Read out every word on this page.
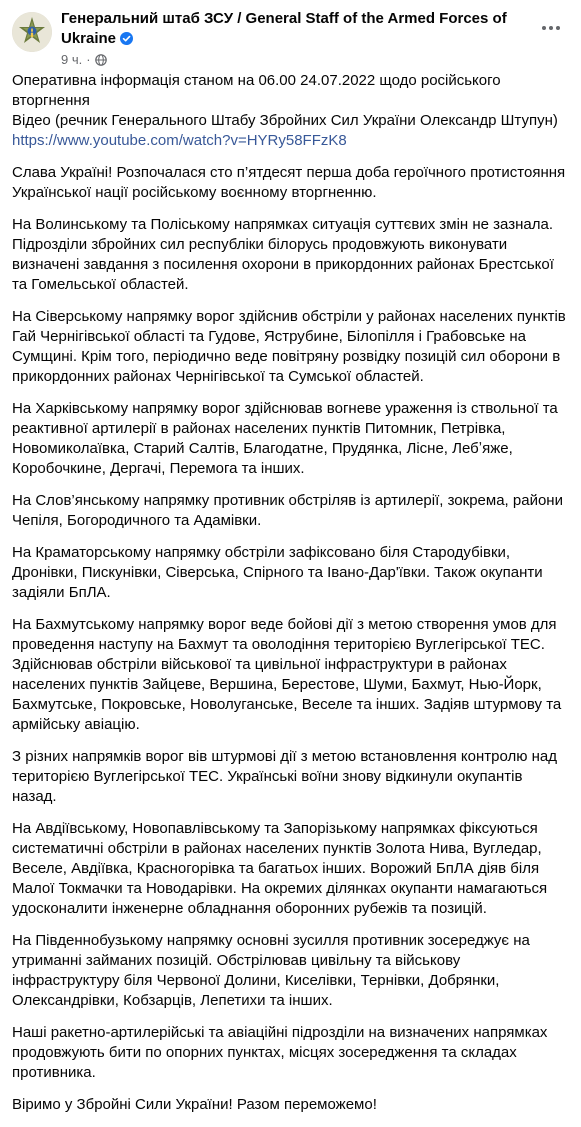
Генеральний штаб ЗСУ / General Staff of the Armed Forces of Ukraine
9 ч. ·

Оперативна інформація станом на 06.00 24.07.2022 щодо російського вторгнення
Відео (речник Генерального Штабу Збройних Сил України Олександр Штупун)
https://www.youtube.com/watch?v=HYRy58FFzK8

Слава Україні! Розпочалася сто п’ятдесят перша доба героїчного протистояння Української нації російському воєнному вторгненню.

На Волинському та Поліському напрямках ситуація суттєвих змін не зазнала. Підрозділи збройних сил республіки білорусь продовжують виконувати визначені завдання з посилення охорони в прикордонних районах Брестської та Гомельської областей.

На Сіверському напрямку ворог здійснив обстріли у районах населених пунктів Гай Чернігівської області та Гудове, Яструбине, Білопілля і Грабовське на Сумщині. Крім того, періодично веде повітряну розвідку позицій сил оборони в прикордонних районах Чернігівської та Сумської областей.

На Харківському напрямку ворог здійснював вогневе ураження із ствольної та реактивної артилерії в районах населених пунктів Питомник, Петрівка, Новомиколаївка, Старий Салтів, Благодатне, Прудянка, Лісне, Лебʼяже, Коробочкине, Дергачі, Перемога та інших.

На Слов’янському напрямку противник обстріляв із артилерії, зокрема, райони Чепіля, Богородичного та Адамівки.

На Краматорському напрямку обстріли зафіксовано біля Стародубівки, Дронівки, Пискунівки, Сіверська, Спірного та Івано-Дар'ївки. Також окупанти задіяли БпЛА.

На Бахмутському напрямку ворог веде бойові дії з метою створення умов для проведення наступу на Бахмут та оволодіння територією Вуглегірської ТЕС. Здійснював обстріли військової та цивільної інфраструктури в районах населених пунктів Зайцеве, Вершина, Берестове, Шуми, Бахмут, Нью-Йорк, Бахмутське, Покровське, Новолуганське, Веселе та інших. Задіяв штурмову та армійську авіацію.

З різних напрямків ворог вів штурмові дії з метою встановлення контролю над територією Вуглегірської ТЕС. Українські воїни знову відкинули окупантів назад.

На Авдіївському, Новопавлівському та Запорізькому напрямках фіксуються систематичні обстріли в районах населених пунктів Золота Нива, Вугледар, Веселе, Авдіївка, Красногорівка та багатьох інших. Ворожий БпЛА діяв біля Малої Токмачки та Новодарівки. На окремих ділянках окупанти намагаються удосконалити інженерне обладнання оборонних рубежів та позицій.

На Південнобузькому напрямку основні зусилля противник зосереджує на утриманні займаних позицій. Обстрілював цивільну та військову інфраструктуру біля Червоної Долини, Киселівки, Тернівки, Добрянки, Олександрівки, Кобзарців, Лепетихи та інших.

Наші ракетно-артилерійські та авіаційні підрозділи на визначених напрямках продовжують бити по опорних пунктах, місцях зосередження та складах противника.

Віримо у Збройні Сили України! Разом переможемо!
